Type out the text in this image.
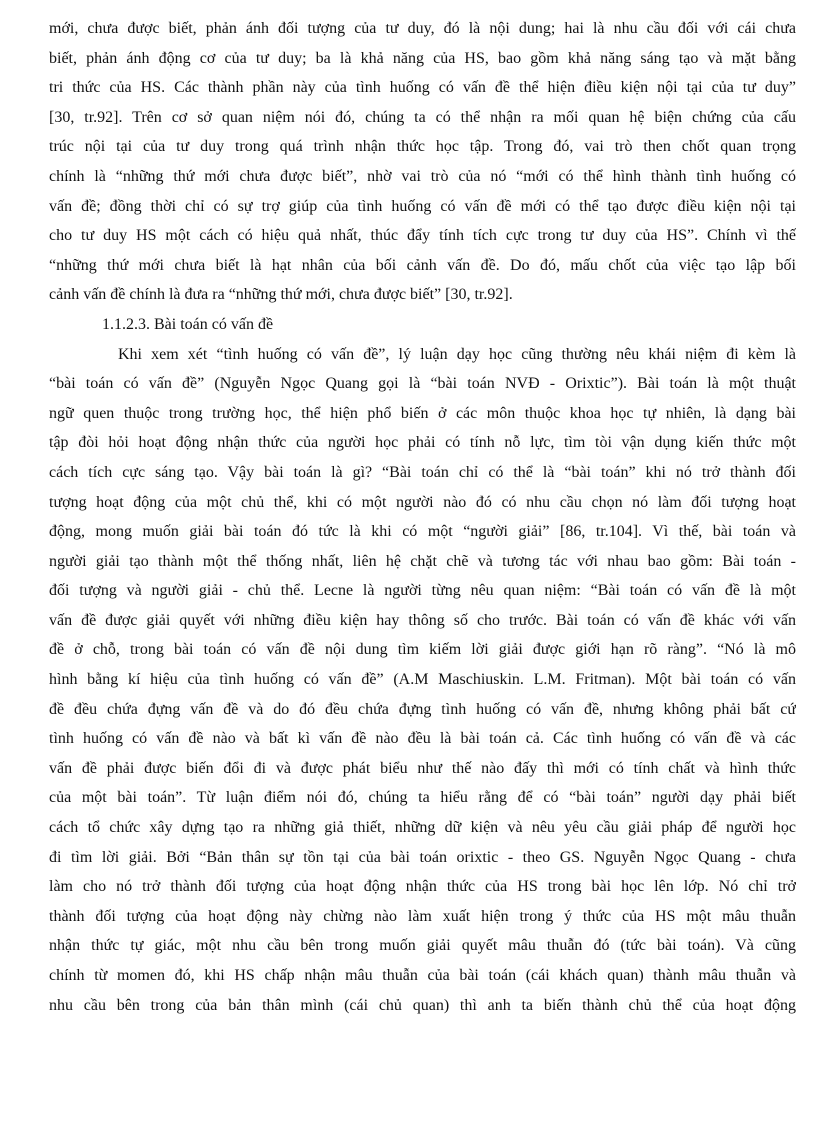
mới, chưa được biết, phản ánh đối tượng của tư duy, đó là nội dung; hai là nhu cầu đối với cái chưa
biết, phản ánh động cơ của tư duy; ba là khả năng của HS, bao gồm khả năng sáng tạo và mặt bằng
tri thức của HS. Các thành phần này của tình huống có vấn đề thể hiện điều kiện nội tại của tư duy”
[30, tr.92]. Trên cơ sở quan niệm nói đó, chúng ta có thể nhận ra mối quan hệ biện chứng của cấu
trúc nội tại của tư duy trong quá trình nhận thức học tập. Trong đó, vai trò then chốt quan trọng
chính là “những thứ mới chưa được biết”, nhờ vai trò của nó “mới có thể hình thành tình huống có
vấn đề; đồng thời chỉ có sự trợ giúp của tình huống có vấn đề mới có thể tạo được điều kiện nội tại
cho tư duy HS một cách có hiệu quả nhất, thúc đẩy tính tích cực trong tư duy của HS”. Chính vì thế
“những thứ mới chưa biết là hạt nhân của bối cảnh vấn đề. Do đó, mấu chốt của việc tạo lập bối
cảnh vấn đề chính là đưa ra “những thứ mới, chưa được biết” [30, tr.92].
1.1.2.3. Bài toán có vấn đề
Khi xem xét “tình huống có vấn đề”, lý luận dạy học cũng thường nêu khái niệm đi kèm là
“bài toán có vấn đề” (Nguyễn Ngọc Quang gọi là “bài toán NVĐ - Orixtic”). Bài toán là một thuật
ngữ quen thuộc trong trường học, thể hiện phổ biến ở các môn thuộc khoa học tự nhiên, là dạng bài
tập đòi hỏi hoạt động nhận thức của người học phải có tính nỗ lực, tìm tòi vận dụng kiến thức một
cách tích cực sáng tạo. Vậy bài toán là gì? “Bài toán chỉ có thể là “bài toán” khi nó trở thành đối
tượng hoạt động của một chủ thể, khi có một người nào đó có nhu cầu chọn nó làm đối tượng hoạt
động, mong muốn giải bài toán đó tức là khi có một “người giải” [86, tr.104]. Vì thế, bài toán và
người giải tạo thành một thể thống nhất, liên hệ chặt chẽ và tương tác với nhau bao gồm: Bài toán -
đối tượng và người giải - chủ thể. Lecne là người từng nêu quan niệm: “Bài toán có vấn đề là một
vấn đề được giải quyết với những điều kiện hay thông số cho trước. Bài toán có vấn đề khác với vấn
đề ở chỗ, trong bài toán có vấn đề nội dung tìm kiếm lời giải được giới hạn rõ ràng”. “Nó là mô
hình bằng kí hiệu của tình huống có vấn đề” (A.M Maschiuskin. L.M. Fritman). Một bài toán có vấn
đề đều chứa đựng vấn đề và do đó đều chứa đựng tình huống có vấn đề, nhưng không phải bất cứ
tình huống có vấn đề nào và bất kì vấn đề nào đều là bài toán cả. Các tình huống có vấn đề và các
vấn đề phải được biến đổi đi và được phát biểu như thế nào đấy thì mới có tính chất và hình thức
của một bài toán”. Từ luận điểm nói đó, chúng ta hiểu rằng để có “bài toán” người dạy phải biết
cách tổ chức xây dựng tạo ra những giả thiết, những dữ kiện và nêu yêu cầu giải pháp để người học
đi tìm lời giải. Bởi “Bản thân sự tồn tại của bài toán orixtic - theo GS. Nguyễn Ngọc Quang - chưa
làm cho nó trở thành đối tượng của hoạt động nhận thức của HS trong bài học lên lớp. Nó chỉ trở
thành đối tượng của hoạt động này chừng nào làm xuất hiện trong ý thức của HS một mâu thuẫn
nhận thức tự giác, một nhu cầu bên trong muốn giải quyết mâu thuẫn đó (tức bài toán). Và cũng
chính từ momen đó, khi HS chấp nhận mâu thuẫn của bài toán (cái khách quan) thành mâu thuẫn và
nhu cầu bên trong của bản thân mình (cái chủ quan) thì anh ta biến thành chủ thể của hoạt động
